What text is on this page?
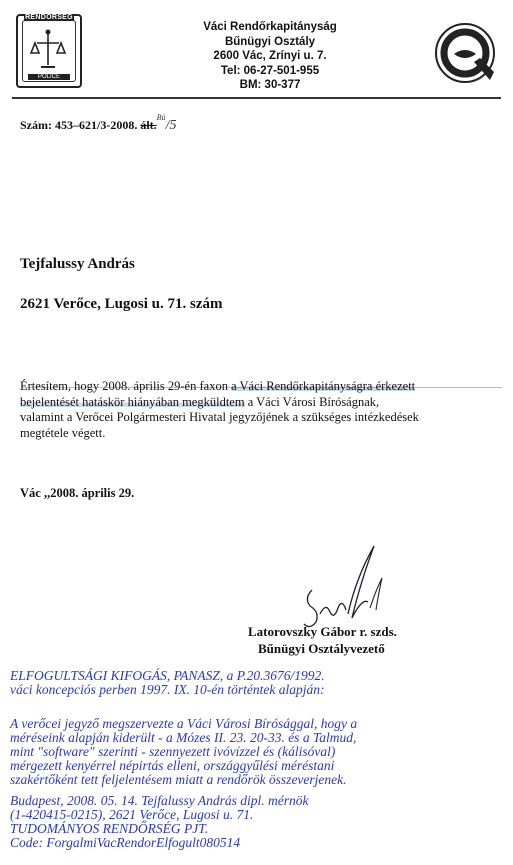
RENDŐRSÉG
POLICE
Váci Rendőrkapitányság
Bűnügyi Osztály
2600 Vác, Zrínyi u. 7.
Tel: 06-27-501-955
BM: 30-377
Szám: 453–621/3-2008. ált.$^{Bü}$/5
Tejfalussy András
2621 Verőce, Lugosi u. 71. szám
Értesítem, hogy 2008. április 29-én faxon a Váci Rendőrkapitányságra érkezett
bejelentését hatáskör hiányában megküldtem a Váci Városi Bíróságnak,
valamint a Verőcei Polgármesteri Hivatal jegyzőjének a szükséges intézkedések
megtétele végett.
Vác ,,2008. április 29.
Latorovszky Gábor r. szds.
Bűnügyi Osztályvezető
ELFOGULTSÁGI KIFOGÁS, PANASZ, a P.20.3676/1992.
váci koncepciós perben 1997. IX. 10-én történtek alapján:
A verőcei jegyző megszervezte a Váci Városi Bírósággal, hogy a
méréseink alapján kiderült - a Mózes II. 23. 20-33. és a Talmud,
mint "software" szerinti - szennyezett ivóvízzel és (kálisóval)
mérgezett kenyérrel népirtás elleni, országgyűlési méréstani
szakértőként tett feljelentésem miatt a rendőrök összeverjenek.
Budapest, 2008. 05. 14. Tejfalussy András dipl. mérnök
(1-420415-0215), 2621 Verőce, Lugosi u. 71.
TUDOMÁNYOS RENDŐRSÉG PJT.
Code: ForgalmiVacRendorElfogult080514
